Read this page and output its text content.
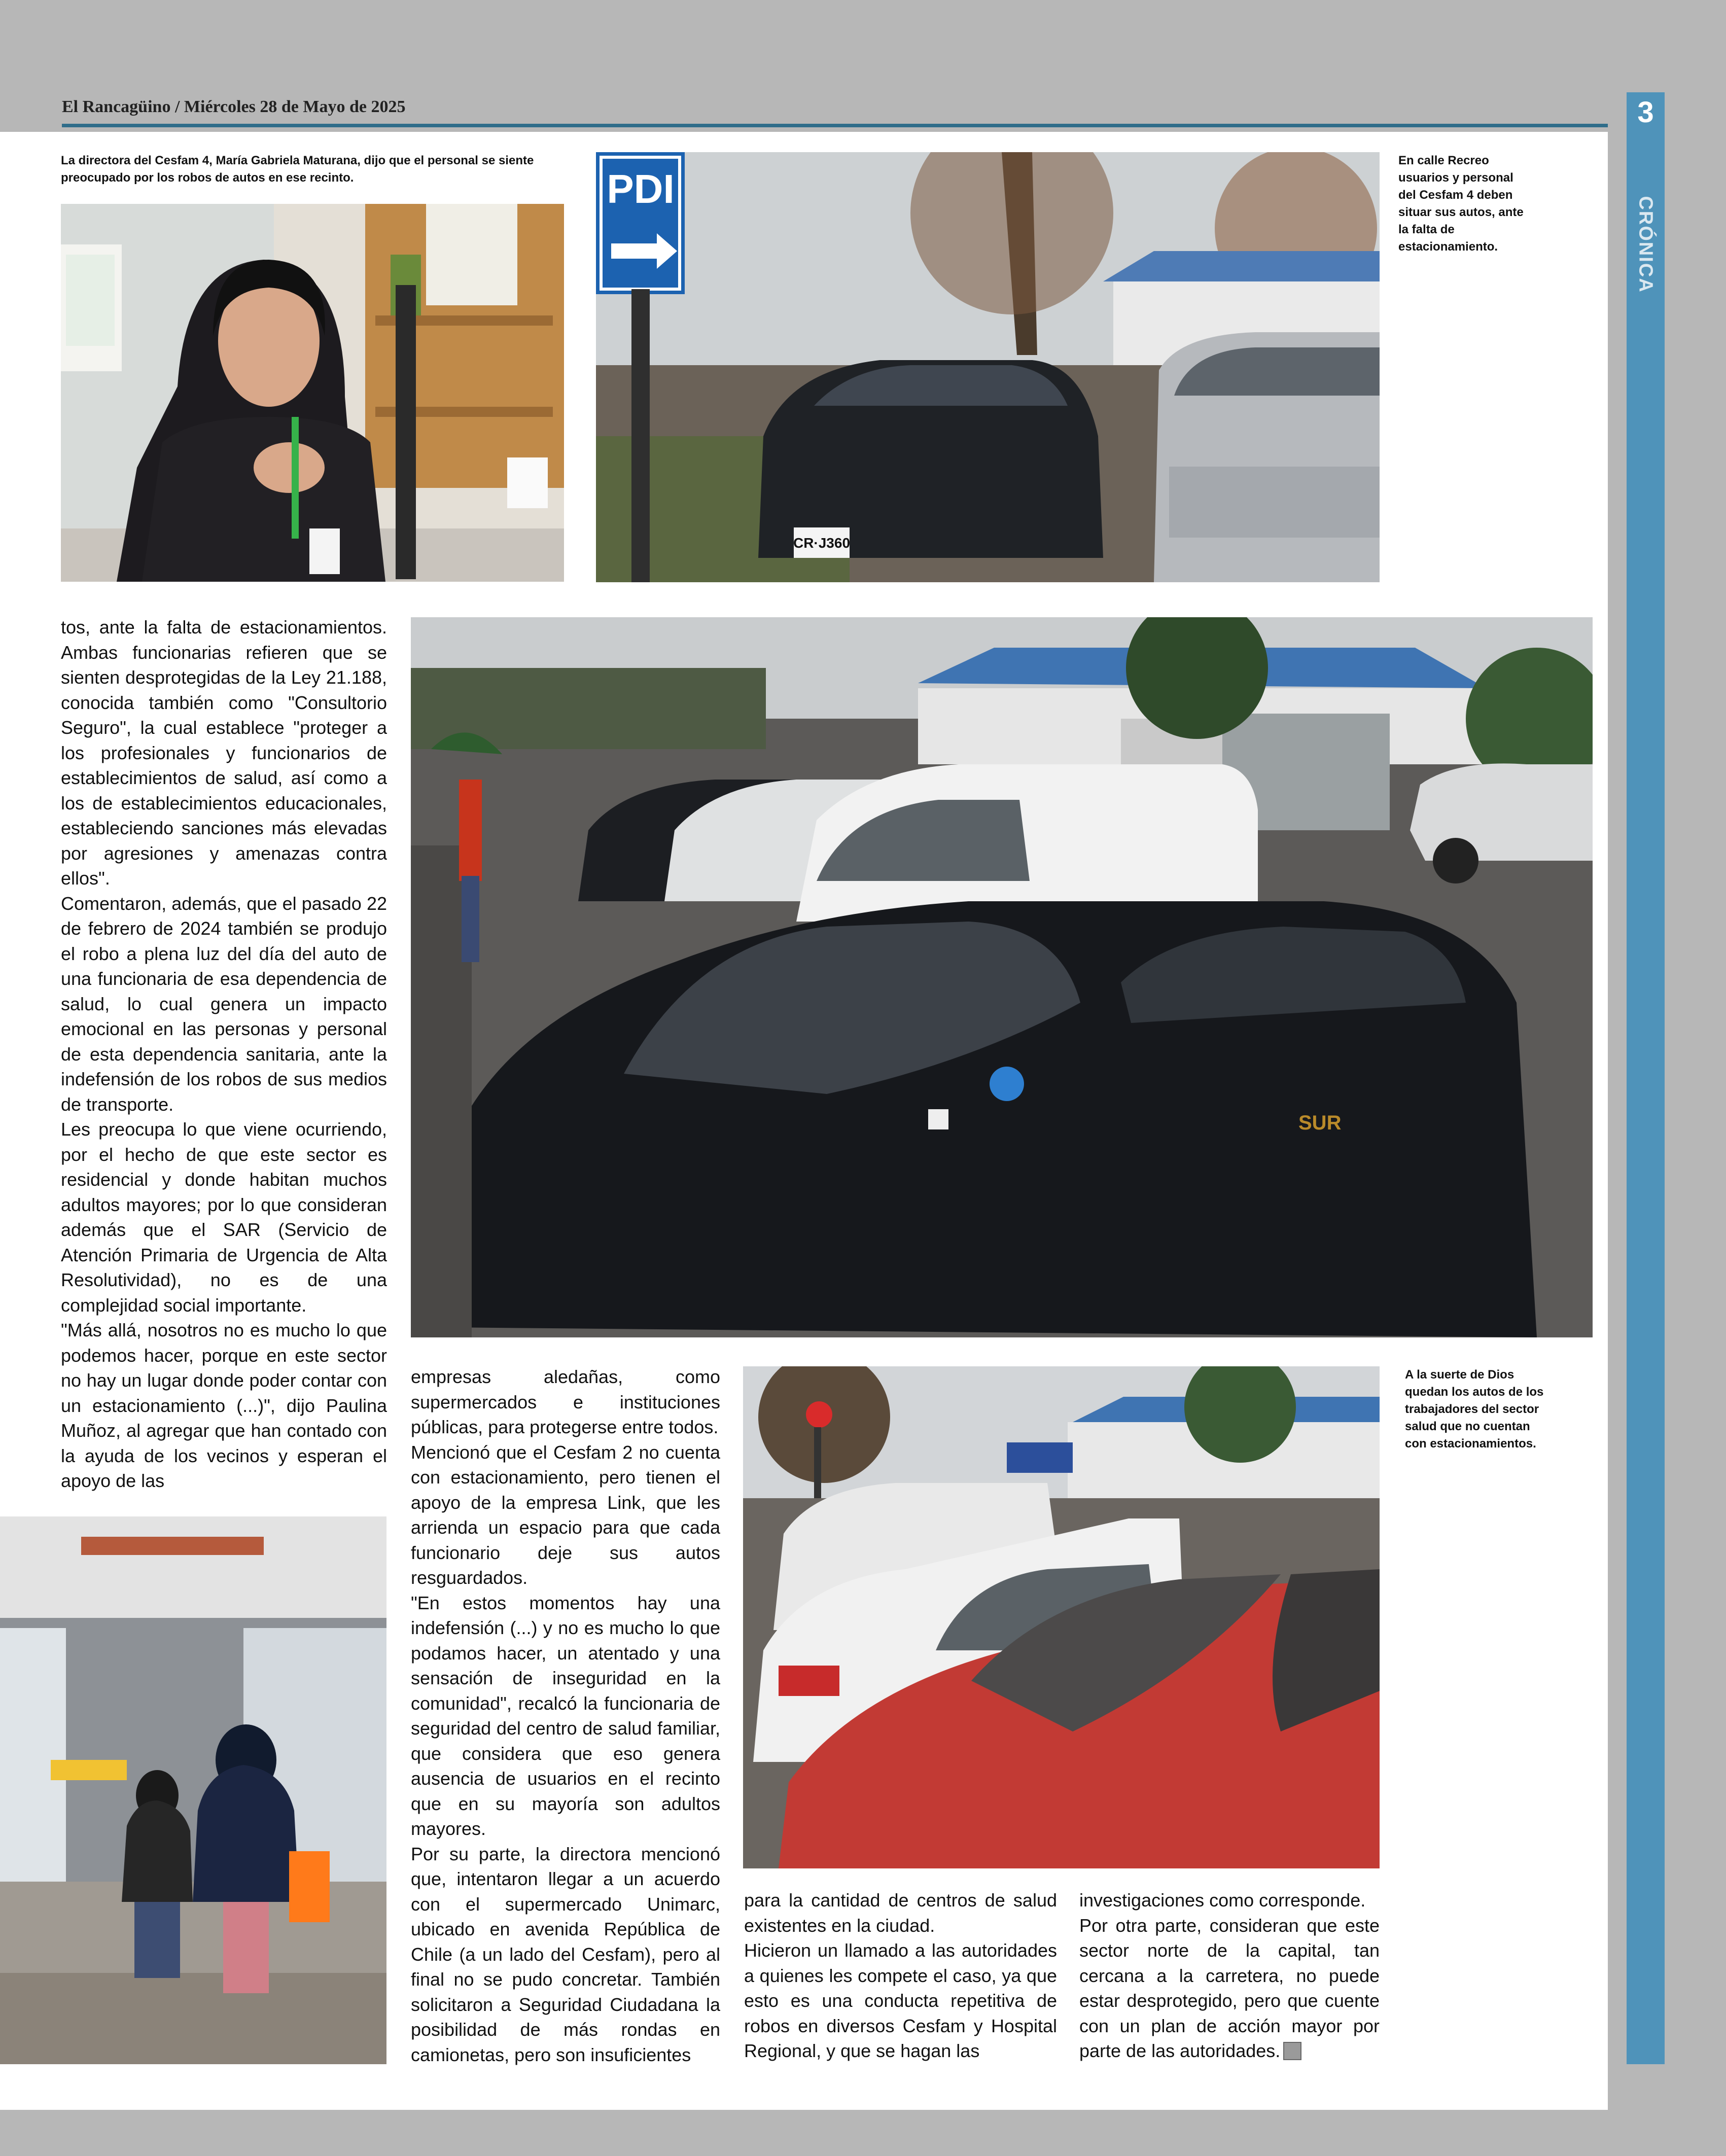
El Rancagüino / Miércoles 28 de Mayo de 2025	3
CRÓNICA
La directora del Cesfam 4, María Gabriela Maturana, dijo que el personal se siente preocupado por los robos de autos en ese recinto.	PDI
CR·J360
En calle Recreo usuarios y personal del Cesfam 4 deben situar sus autos, ante la falta de estacionamiento.
SUR
A la suerte de Dios quedan los autos de los trabajadores del sector salud que no cuentan con estacionamientos.

tos, ante la falta de estacionamientos. Ambas funcionarias refieren que se sienten desprotegidas de la Ley 21.188, conocida también como "Consultorio Seguro", la cual establece "proteger a los profesionales y funcionarios de establecimientos de salud, así como a los de establecimientos educacionales, estableciendo sanciones más elevadas por agresiones y amenazas contra ellos".

Comentaron, además, que el pasado 22 de febrero de 2024 también se produjo el robo a plena luz del día del auto de una funcionaria de esa dependencia de salud, lo cual genera un impacto emocional en las personas y personal de esta dependencia sanitaria, ante la indefensión de los robos de sus medios de transporte.

Les preocupa lo que viene ocurriendo, por el hecho de que este sector es residencial y donde habitan muchos adultos mayores; por lo que consideran además que el SAR (Servicio de Atención Primaria de Urgencia de Alta Resolutividad), no es de una complejidad social importante.

"Más allá, nosotros no es mucho lo que podemos hacer, porque en este sector no hay un lugar donde poder contar con un estacionamiento (...)", dijo Paulina Muñoz, al agregar que han contado con la ayuda de los vecinos y esperan el apoyo de las

empresas aledañas, como supermercados e instituciones públicas, para protegerse entre todos.

Mencionó que el Cesfam 2 no cuenta con estacionamiento, pero tienen el apoyo de la empresa Link, que les arrienda un espacio para que cada funcionario deje sus autos resguardados.

"En estos momentos hay una indefensión (...) y no es mucho lo que podamos hacer, un atentado y una sensación de inseguridad en la comunidad", recalcó la funcionaria de seguridad del centro de salud familiar, que considera que eso genera ausencia de usuarios en el recinto que en su mayoría son adultos mayores.

Por su parte, la directora mencionó que, intentaron llegar a un acuerdo con el supermercado Unimarc, ubicado en avenida República de Chile (a un lado del Cesfam), pero al final no se pudo concretar. También solicitaron a Seguridad Ciudadana la posibilidad de más rondas en camionetas, pero son insuficientes

para la cantidad de centros de salud existentes en la ciudad.

Hicieron un llamado a las autoridades a quienes les compete el caso, ya que esto es una conducta repetitiva de robos en diversos Cesfam y Hospital Regional, y que se hagan las

investigaciones como corresponde.

Por otra parte, consideran que este sector norte de la capital, tan cercana a la carretera, no puede estar desprotegido, pero que cuente con un plan de acción mayor por parte de las autoridades.
